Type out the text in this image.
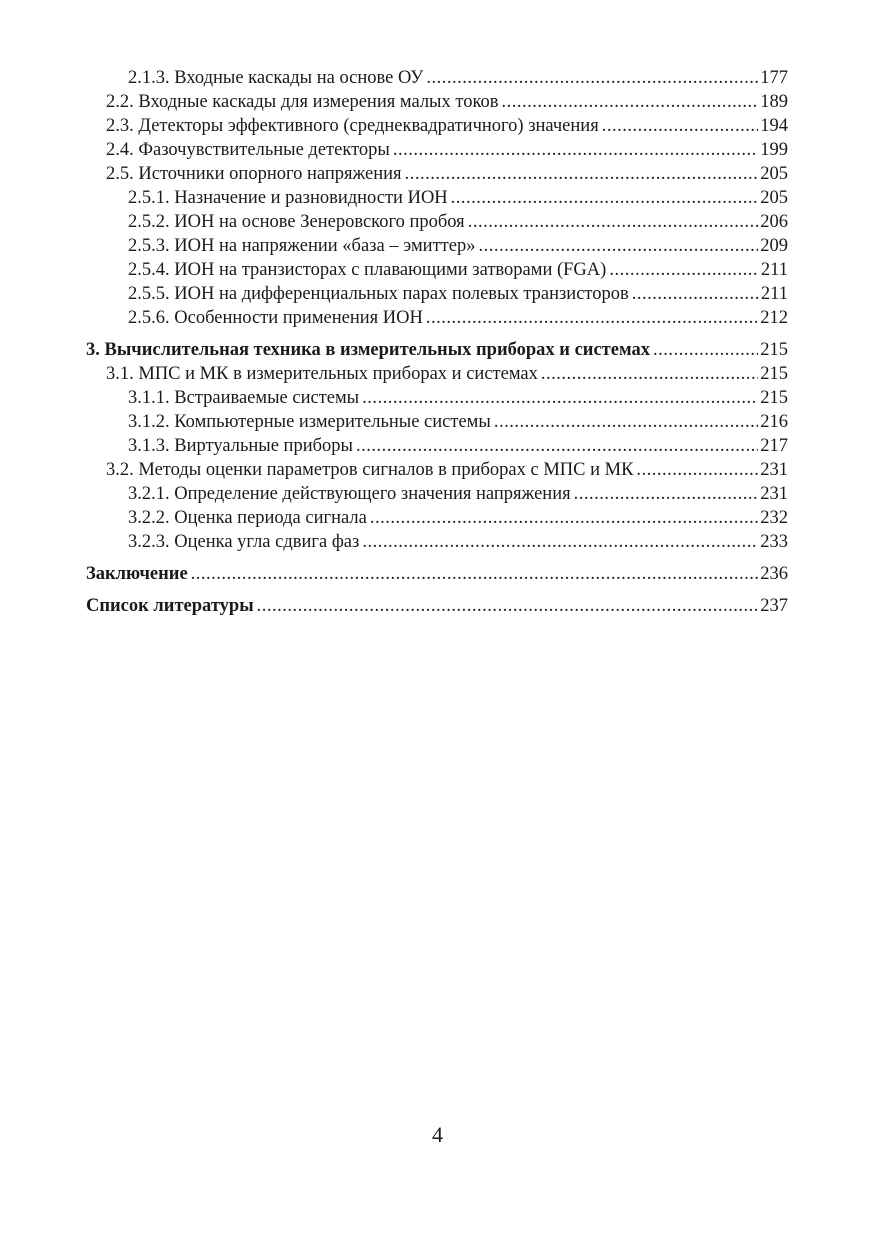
2.1.3. Входные каскады на основе ОУ .....	177
2.2. Входные каскады для измерения малых токов .....	189
2.3. Детекторы эффективного (среднеквадратичного) значения .....	194
2.4. Фазочувствительные детекторы .....	199
2.5. Источники опорного напряжения .....	205
2.5.1. Назначение и разновидности ИОН .....	205
2.5.2. ИОН на основе Зенеровского пробоя .....	206
2.5.3. ИОН на напряжении «база – эмиттер» .....	209
2.5.4. ИОН на транзисторах с плавающими затворами (FGA) .....	211
2.5.5. ИОН на дифференциальных парах полевых транзисторов .....	211
2.5.6. Особенности применения ИОН .....	212
3. Вычислительная техника в измерительных приборах и системах .....	215
3.1. МПС и МК в измерительных приборах и системах .....	215
3.1.1. Встраиваемые системы .....	215
3.1.2. Компьютерные измерительные системы .....	216
3.1.3. Виртуальные приборы .....	217
3.2. Методы оценки параметров сигналов в приборах с МПС и МК .....	231
3.2.1. Определение действующего значения напряжения .....	231
3.2.2. Оценка периода сигнала .....	232
3.2.3. Оценка угла сдвига фаз .....	233
Заключение .....	236
Список литературы .....	237
4
